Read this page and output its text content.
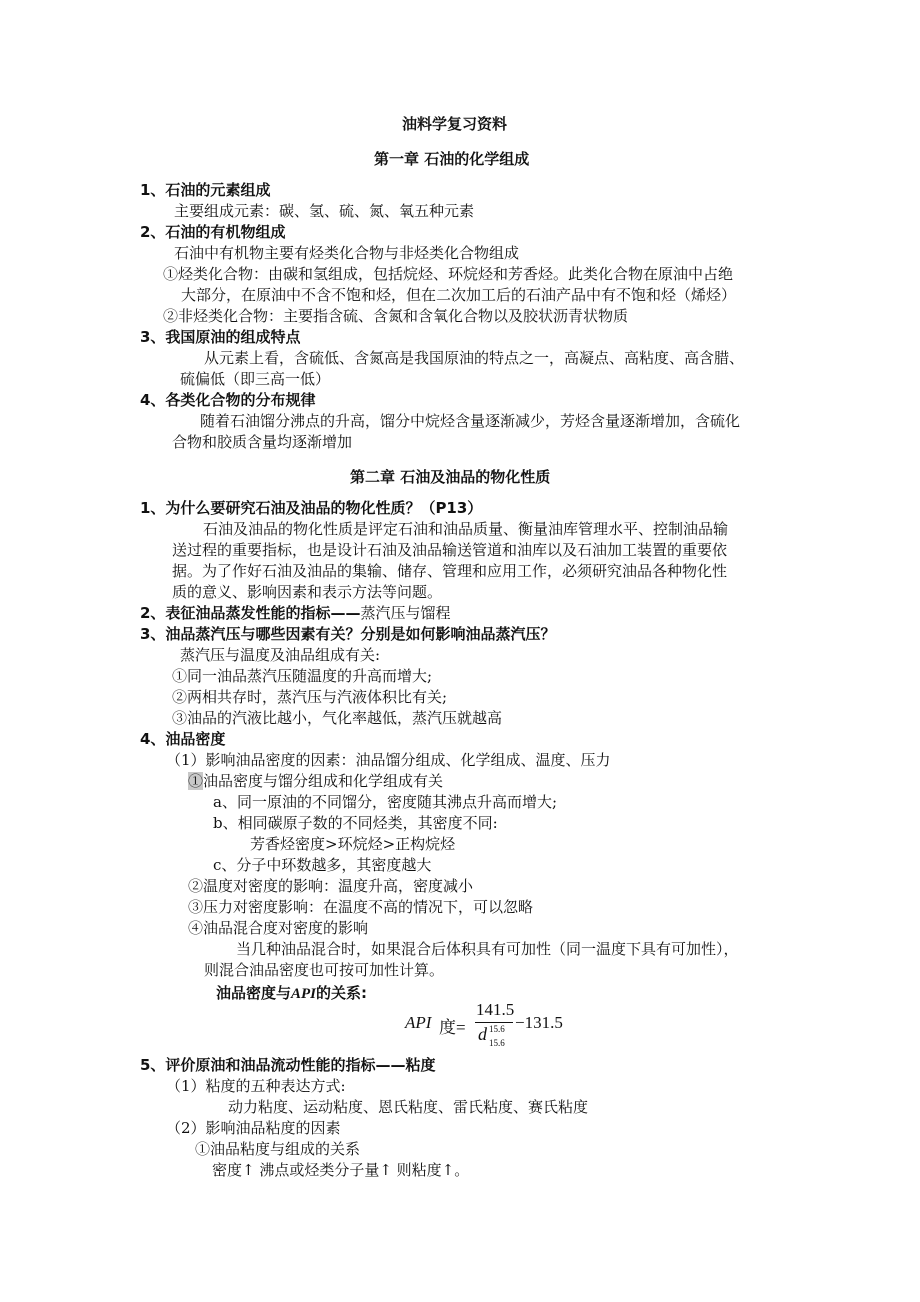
油料学复习资料
第一章 石油的化学组成
1、石油的元素组成
主要组成元素：碳、氢、硫、氮、氧五种元素
2、石油的有机物组成
石油中有机物主要有烃类化合物与非烃类化合物组成
①烃类化合物：由碳和氢组成，包括烷烃、环烷烃和芳香烃。此类化合物在原油中占绝
大部分，在原油中不含不饱和烃，但在二次加工后的石油产品中有不饱和烃（烯烃）
②非烃类化合物：主要指含硫、含氮和含氧化合物以及胶状沥青状物质
3、我国原油的组成特点
从元素上看，含硫低、含氮高是我国原油的特点之一，高凝点、高粘度、高含腊、
硫偏低（即三高一低）
4、各类化合物的分布规律
随着石油馏分沸点的升高，馏分中烷烃含量逐渐减少，芳烃含量逐渐增加，含硫化
合物和胶质含量均逐渐增加
第二章 石油及油品的物化性质
1、为什么要研究石油及油品的物化性质？（P13）
石油及油品的物化性质是评定石油和油品质量、衡量油库管理水平、控制油品输
送过程的重要指标，也是设计石油及油品输送管道和油库以及石油加工装置的重要依
据。为了作好石油及油品的集输、储存、管理和应用工作，必须研究油品各种物化性
质的意义、影响因素和表示方法等问题。
2、表征油品蒸发性能的指标——蒸汽压与馏程
3、油品蒸汽压与哪些因素有关？分别是如何影响油品蒸汽压？
蒸汽压与温度及油品组成有关:
①同一油品蒸汽压随温度的升高而增大;
②两相共存时，蒸汽压与汽液体积比有关;
③油品的汽液比越小，气化率越低，蒸汽压就越高
4、油品密度
（1）影响油品密度的因素：油品馏分组成、化学组成、温度、压力
①油品密度与馏分组成和化学组成有关
a、同一原油的不同馏分，密度随其沸点升高而增大;
b、相同碳原子数的不同烃类，其密度不同:
芳香烃密度>环烷烃>正构烷烃
c、分子中环数越多，其密度越大
②温度对密度的影响：温度升高，密度减小
③压力对密度影响：在温度不高的情况下，可以忽略
④油品混合度对密度的影响
当几种油品混合时，如果混合后体积具有可加性（同一温度下具有可加性），
则混合油品密度也可按可加性计算。
油品密度与API的关系:
API 度=
141.5
d 15.6
15.6
−131.5
5、评价原油和油品流动性能的指标——粘度
（1）粘度的五种表达方式:
动力粘度、运动粘度、恩氏粘度、雷氏粘度、赛氏粘度
（2）影响油品粘度的因素
①油品粘度与组成的关系
密度↑ 沸点或烃类分子量↑ 则粘度↑。
